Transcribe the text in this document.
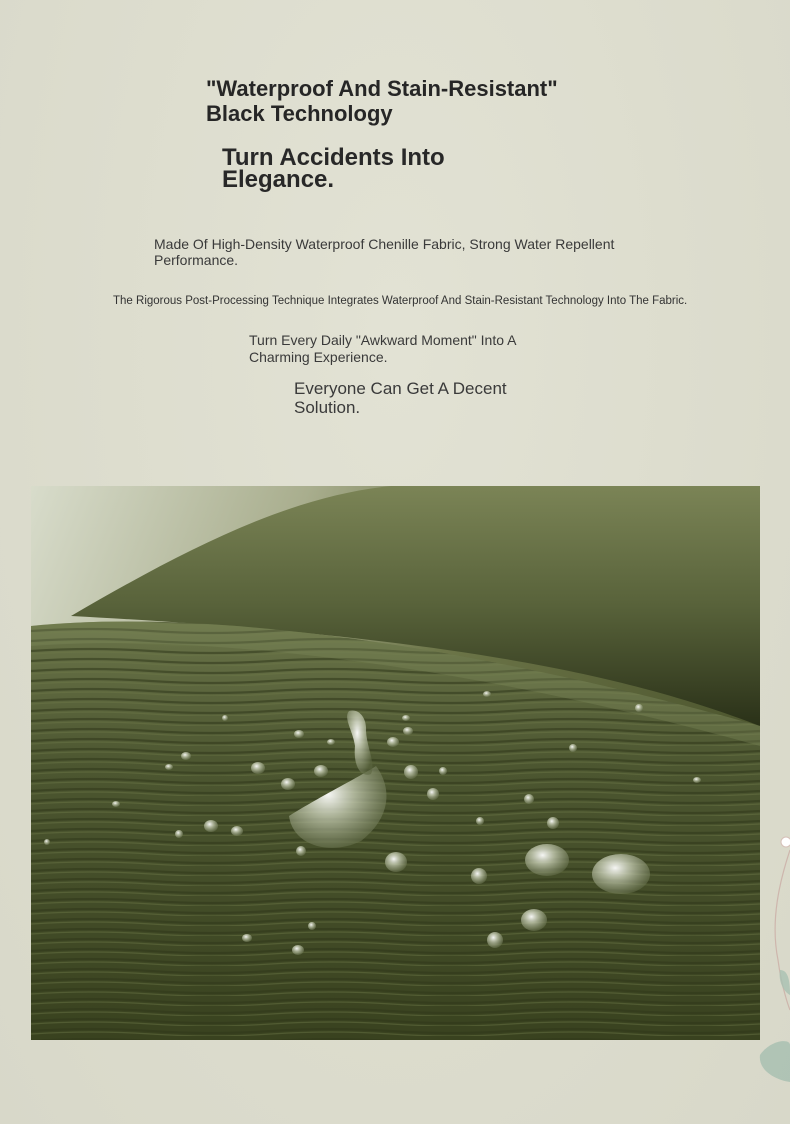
"Waterproof And Stain-Resistant" Black Technology
Turn Accidents Into Elegance.

Made Of High-Density Waterproof Chenille Fabric, Strong Water Repellent Performance.

The Rigorous Post-Processing Technique Integrates Waterproof And Stain-Resistant Technology Into The Fabric.

Turn Every Daily "Awkward Moment" Into A Charming Experience.

Everyone Can Get A Decent Solution.
